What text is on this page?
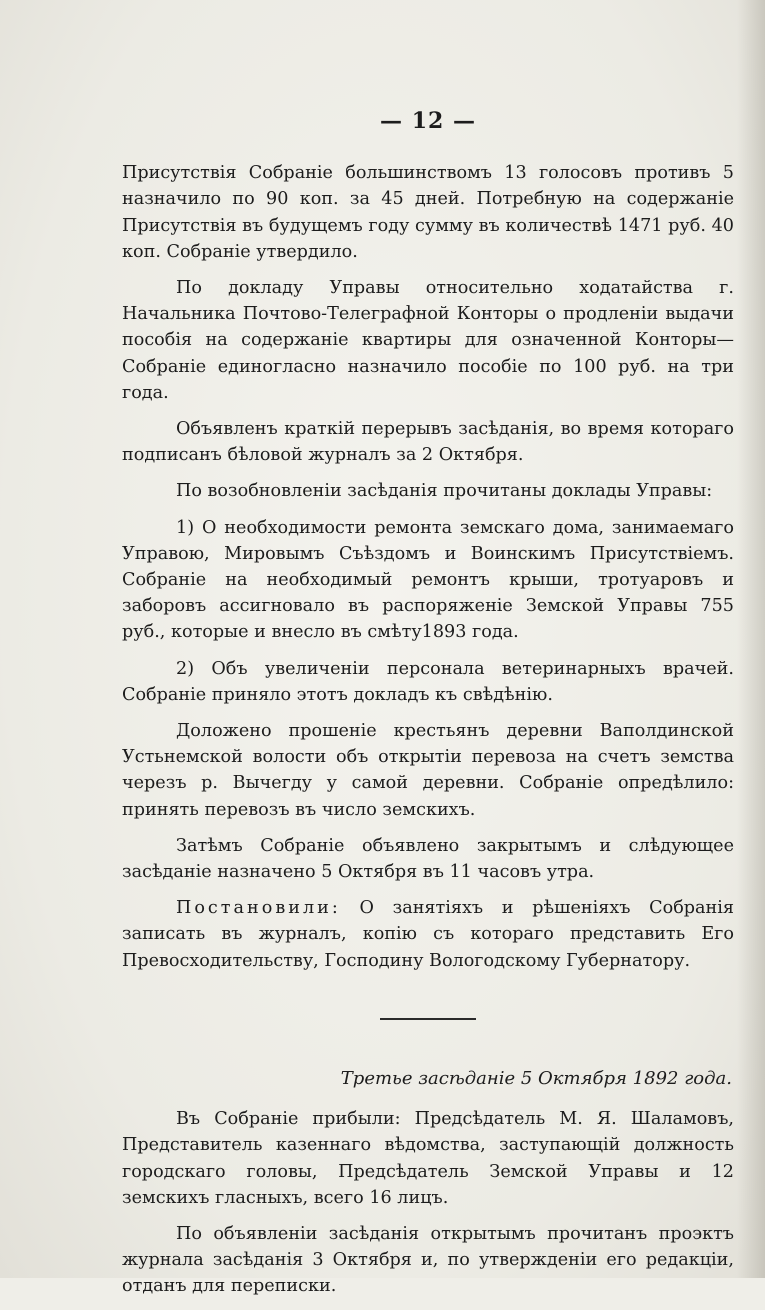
— 12 —

Присутствія Собраніе большинствомъ 13 голосовъ противъ 5 назначило по 90 коп. за 45 дней. Потребную на содержаніе Присутствія въ будущемъ году сумму въ количествѣ 1471 руб. 40 коп. Собраніе утвердило.

По докладу Управы относительно ходатайства г. Начальника Почтово-Телеграфной Конторы о продленіи выдачи пособія на содержаніе квартиры для означенной Конторы—Собраніе единогласно назначило пособіе по 100 руб. на три года.

Объявленъ краткій перерывъ засѣданія, во время котораго подписанъ бѣловой журналъ за 2 Октября.

По возобновленіи засѣданія прочитаны доклады Управы:

1) О необходимости ремонта земскаго дома, занимаемаго Управою, Мировымъ Съѣздомъ и Воинскимъ Присутствіемъ. Собраніе на необходимый ремонтъ крыши, тротуаровъ и заборовъ ассигновало въ распоряженіе Земской Управы 755 руб., которые и внесло въ смѣту1893 года.

2) Объ увеличеніи персонала ветеринарныхъ врачей. Собраніе приняло этотъ докладъ къ свѣдѣнію.

Доложено прошеніе крестьянъ деревни Ваполдинской Устьнемской волости объ открытіи перевоза на счетъ земства черезъ р. Вычегду у самой деревни. Собраніе опредѣлило: принять перевозъ въ число земскихъ.

Затѣмъ Собраніе объявлено закрытымъ и слѣдующее засѣданіе назначено 5 Октября въ 11 часовъ утра.

Постановили: О занятіяхъ и рѣшеніяхъ Собранія записать въ журналъ, копію съ котораго представить Его Превосходительству, Господину Вологодскому Губернатору.

Третье засѣданіе 5 Октября 1892 года.

Въ Собраніе прибыли: Предсѣдатель М. Я. Шаламовъ, Представитель казеннаго вѣдомства, заступающій должность городскаго головы, Предсѣдатель Земской Управы и 12 земскихъ гласныхъ, всего 16 лицъ.

По объявленіи засѣданія открытымъ прочитанъ проэктъ журнала засѣданія 3 Октября и, по утвержденіи его редакціи, отданъ для переписки.
